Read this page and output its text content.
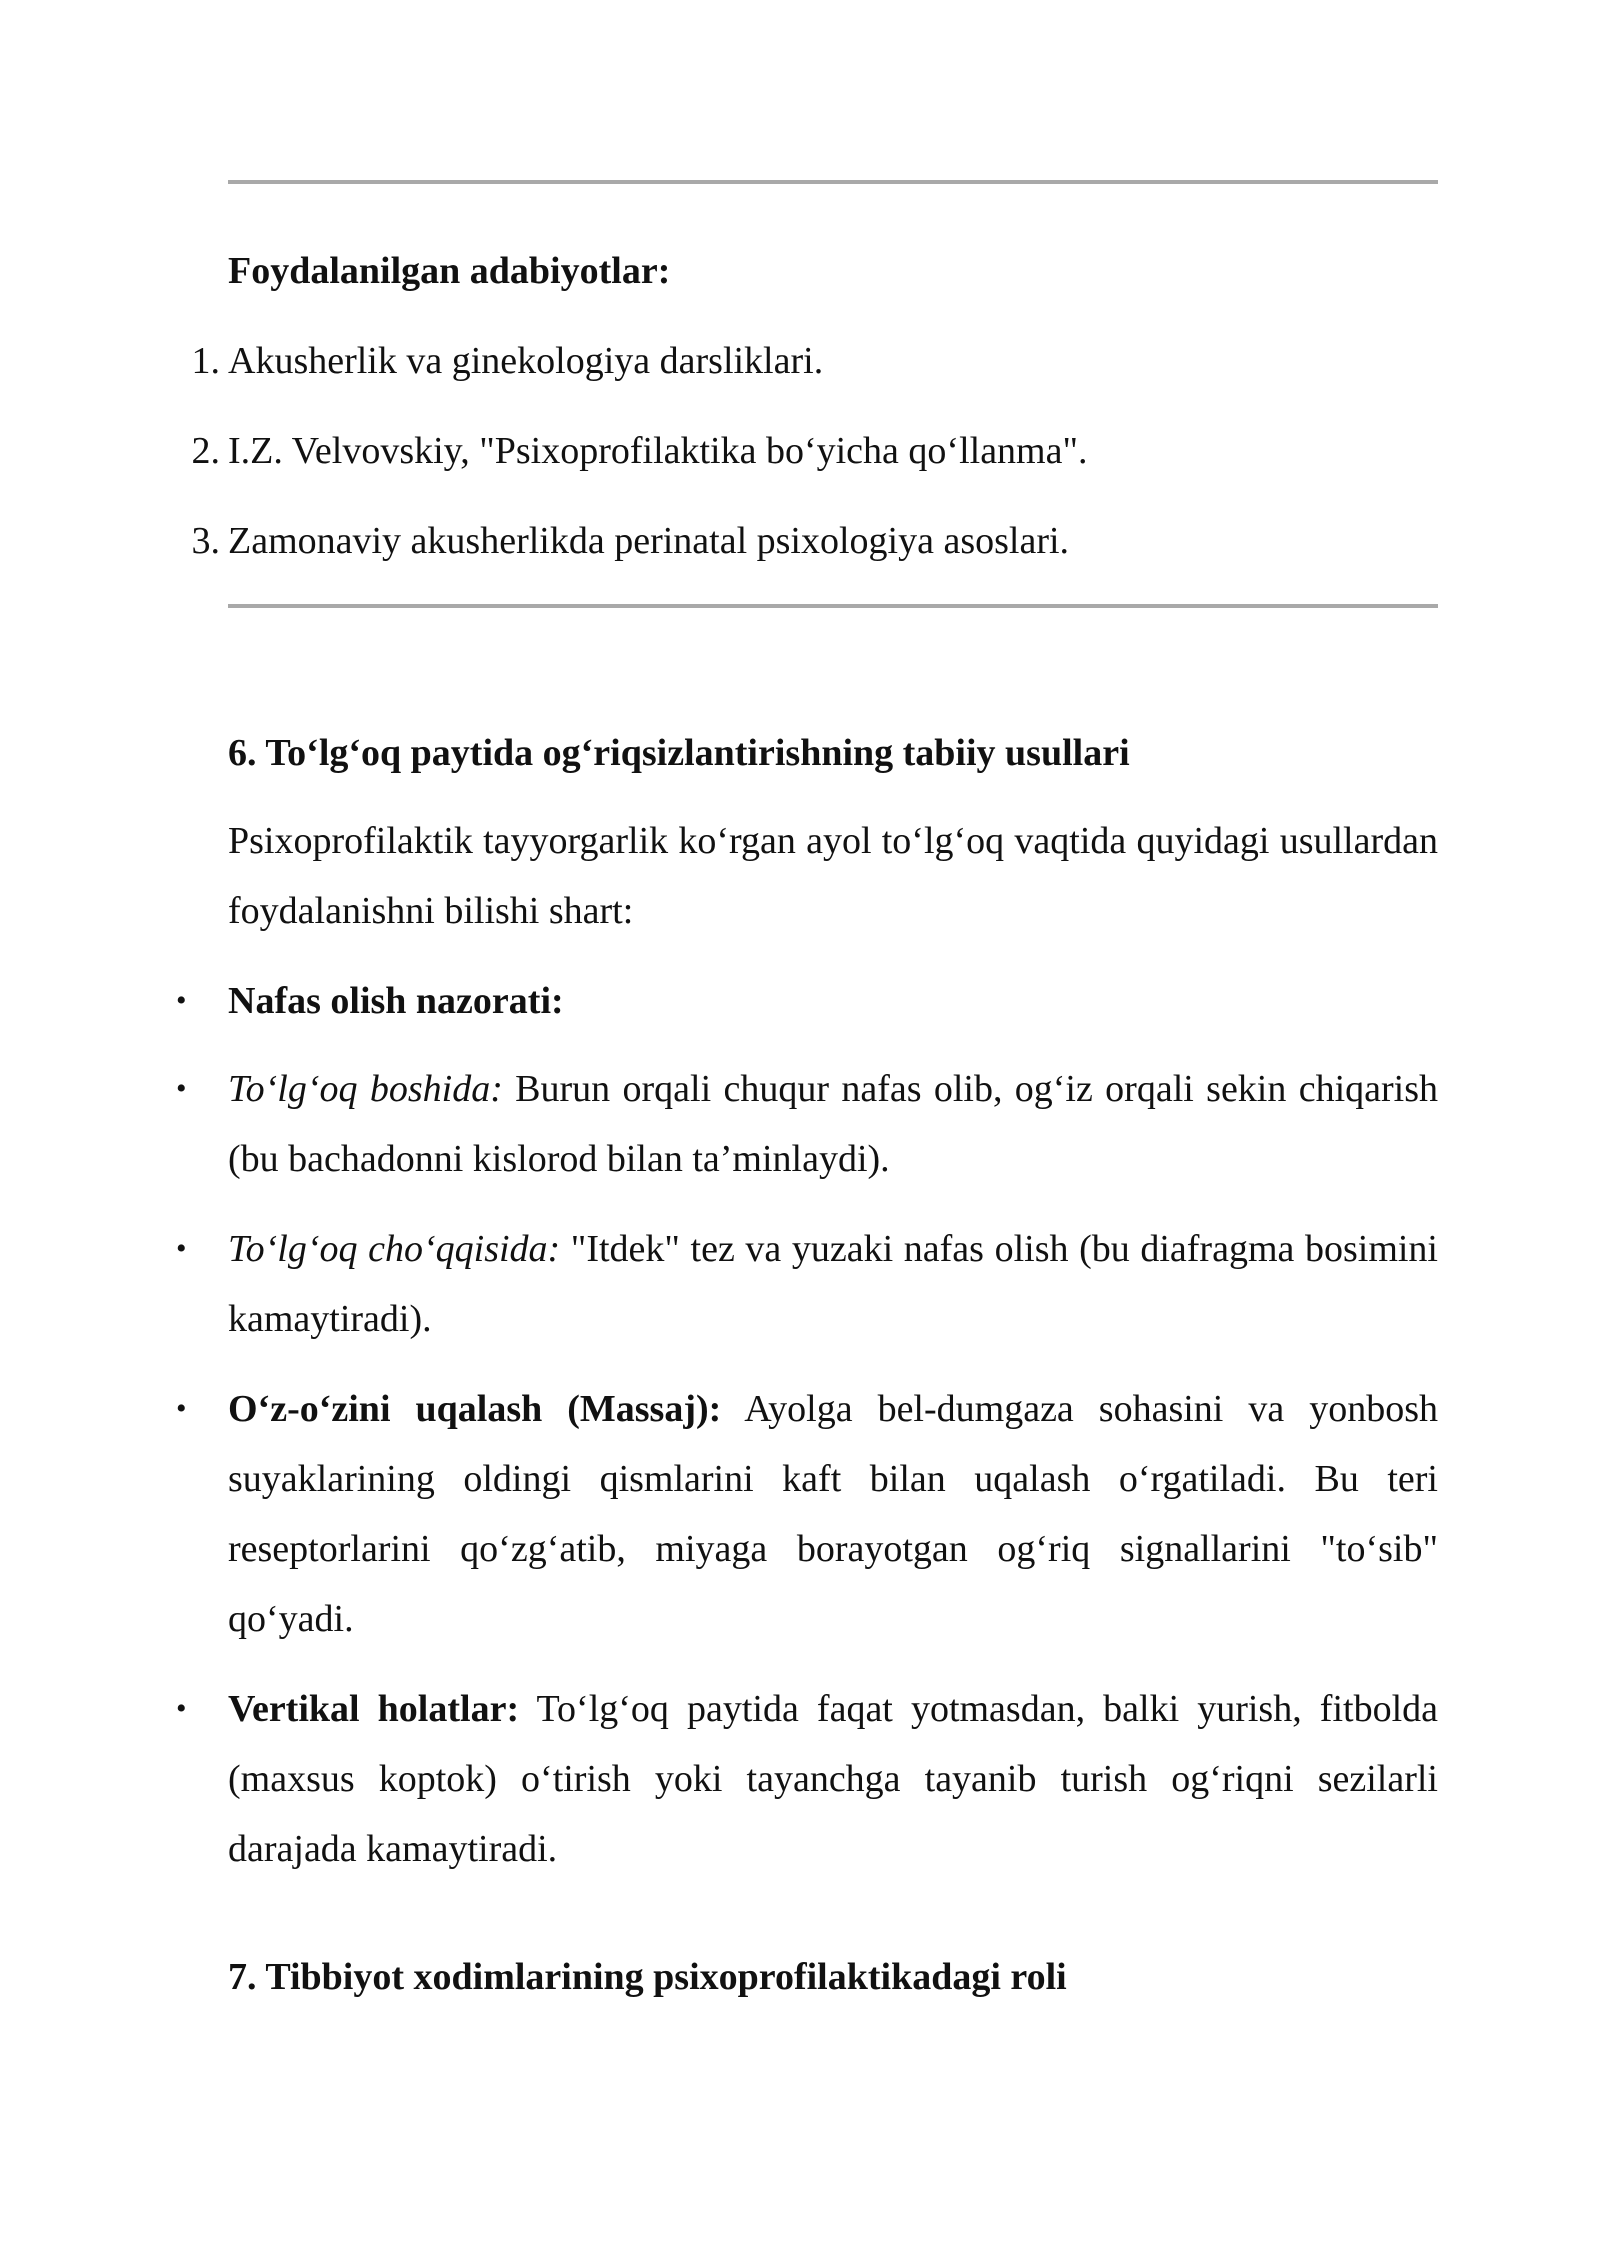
Foydalanilgan adabiyotlar:
1. Akusherlik va ginekologiya darsliklari.
2. I.Z. Velvovskiy, "Psixoprofilaktika bo‘yicha qo‘llanma".
3. Zamonaviy akusherlikda perinatal psixologiya asoslari.
6. To‘lg‘oq paytida og‘riqsizlantirishning tabiiy usullari
Psixoprofilaktik tayyorgarlik ko‘rgan ayol to‘lg‘oq vaqtida quyidagi usullardan foydalanishni bilishi shart:
• Nafas olish nazorati:
• To‘lg‘oq boshida: Burun orqali chuqur nafas olib, og‘iz orqali sekin chiqarish (bu bachadonni kislorod bilan ta’minlaydi).
• To‘lg‘oq cho‘qqisida: "Itdek" tez va yuzaki nafas olish (bu diafragma bosimini kamaytiradi).
• O‘z-o‘zini uqalash (Massaj): Ayolga bel-dumgaza sohasini va yonbosh suyaklarining oldingi qismlarini kaft bilan uqalash o‘rgatiladi. Bu teri reseptorlarini qo‘zg‘atib, miyaga borayotgan og‘riq signallarini "to‘sib" qo‘yadi.
• Vertikal holatlar: To‘lg‘oq paytida faqat yotmasdan, balki yurish, fitbolda (maxsus koptok) o‘tirish yoki tayanchga tayanib turish og‘riqni sezilarli darajada kamaytiradi.
7. Tibbiyot xodimlarining psixoprofilaktikadagi roli
